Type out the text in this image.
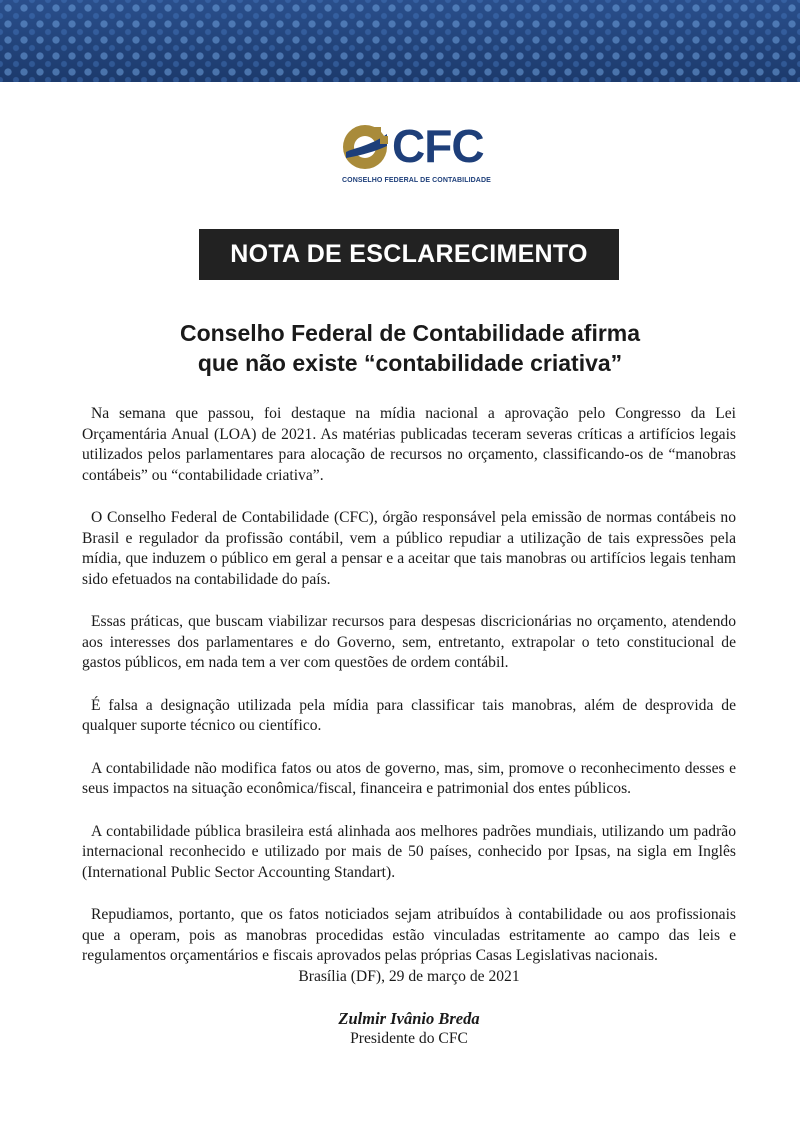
CFC
CONSELHO FEDERAL DE CONTABILIDADE
NOTA DE ESCLARECIMENTO
Conselho Federal de Contabilidade afirma
que não existe “contabilidade criativa”

Na semana que passou, foi destaque na mídia nacional a aprovação pelo Congresso da Lei Orçamentária Anual (LOA) de 2021. As matérias publicadas teceram severas críticas a artifícios legais utilizados pelos parlamentares para alocação de recursos no orçamento, classificando-os de “manobras contábeis” ou “contabilidade criativa”.

O Conselho Federal de Contabilidade (CFC), órgão responsável pela emissão de normas contábeis no Brasil e regulador da profissão contábil, vem a público repudiar a utilização de tais expressões pela mídia, que induzem o público em geral a pensar e a aceitar que tais manobras ou artifícios legais tenham sido efetuados na contabilidade do país.

Essas práticas, que buscam viabilizar recursos para despesas discricionárias no orçamento, atendendo aos interesses dos parlamentares e do Governo, sem, entretanto, extrapolar o teto constitucional de gastos públicos, em nada tem a ver com questões de ordem contábil.

É falsa a designação utilizada pela mídia para classificar tais manobras, além de desprovida de qualquer suporte técnico ou científico.

A contabilidade não modifica fatos ou atos de governo, mas, sim, promove o reconhecimento desses e seus impactos na situação econômica/fiscal, financeira e patrimonial dos entes públicos.

A contabilidade pública brasileira está alinhada aos melhores padrões mundiais, utilizando um padrão internacional reconhecido e utilizado por mais de 50 países, conhecido por Ipsas, na sigla em Inglês (International Public Sector Accounting Standart).

Repudiamos, portanto, que os fatos noticiados sejam atribuídos à contabilidade ou aos profissionais que a operam, pois as manobras procedidas estão vinculadas estritamente ao campo das leis e regulamentos orçamentários e fiscais aprovados pelas próprias Casas Legislativas nacionais.

Brasília (DF), 29 de março de 2021
Zulmir Ivânio Breda
Presidente do CFC
